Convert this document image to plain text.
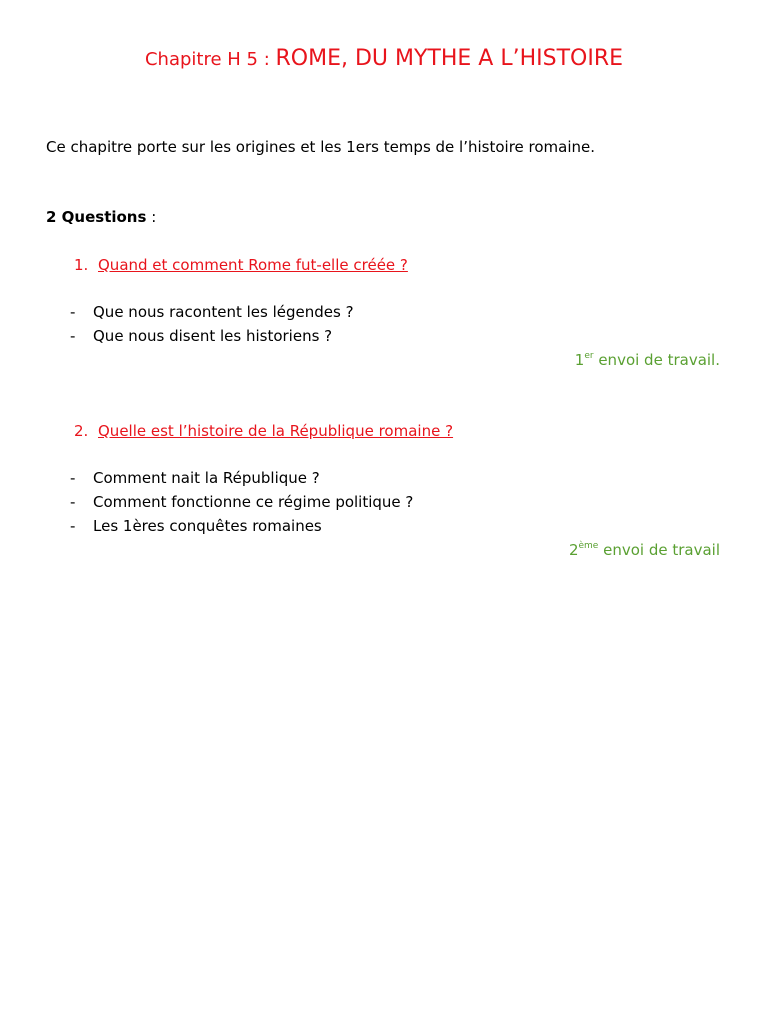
Chapitre H 5 : ROME, DU MYTHE A L’HISTOIRE
Ce chapitre porte sur les origines et les 1ers temps de l’histoire romaine.
2 Questions :
1. Quand et comment Rome fut-elle créée ?
- Que nous racontent les légendes ?
- Que nous disent les historiens ?
1er envoi de travail.
2. Quelle est l’histoire de la République romaine ?
- Comment nait la République ?
- Comment fonctionne ce régime politique ?
- Les 1ères conquêtes romaines
2ème envoi de travail
